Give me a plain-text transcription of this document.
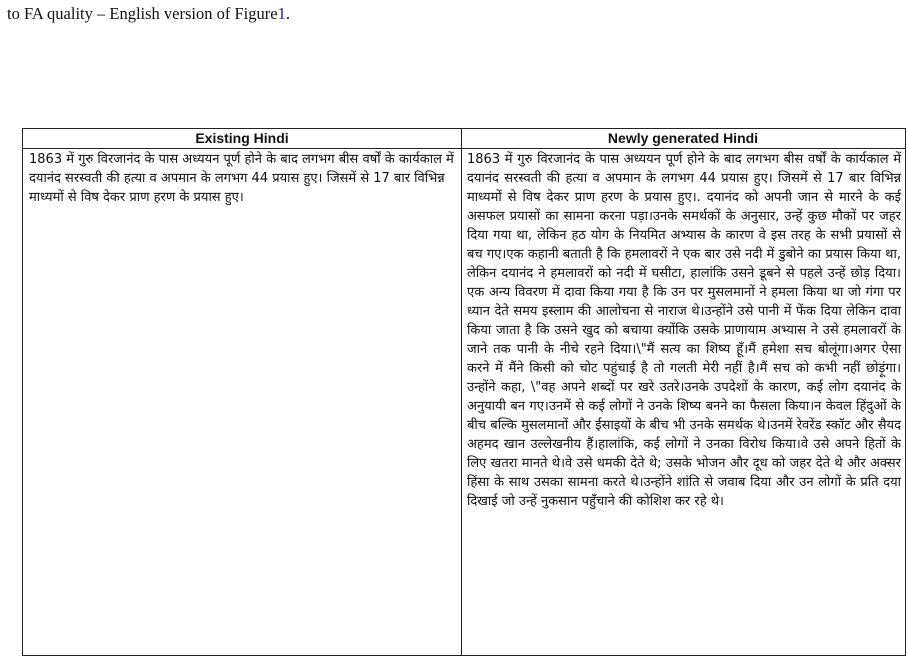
to FA quality – English version of Figure1.
Existing Hindi
1863 में गुरु विरजानंद के पास अध्ययन पूर्ण होने के बाद लगभग बीस वर्षों के कार्यकाल में दयानंद सरस्वती की हत्या व अपमान के लगभग 44 प्रयास हुए। जिसमें से 17 बार विभिन्न माध्यमों से विष देकर प्राण हरण के प्रयास हुए।
Newly generated Hindi
1863 में गुरु विरजानंद के पास अध्ययन पूर्ण होने के बाद लगभग बीस वर्षों के कार्यकाल में दयानंद सरस्वती की हत्या व अपमान के लगभग 44 प्रयास हुए। जिसमें से 17 बार विभिन्न माध्यमों से विष देकर प्राण हरण के प्रयास हुए।. दयानंद को अपनी जान से मारने के कई असफल प्रयासों का सामना करना पड़ा।उनके समर्थकों के अनुसार, उन्हें कुछ मौकों पर जहर दिया गया था, लेकिन हठ योग के नियमित अभ्यास के कारण वे इस तरह के सभी प्रयासों से बच गए।एक कहानी बताती है कि हमलावरों ने एक बार उसे नदी में डुबोने का प्रयास किया था, लेकिन दयानंद ने हमलावरों को नदी में घसीटा, हालांकि उसने डूबने से पहले उन्हें छोड़ दिया।एक अन्य विवरण में दावा किया गया है कि उन पर मुसलमानों ने हमला किया था जो गंगा पर ध्यान देते समय इस्लाम की आलोचना से नाराज थे।उन्होंने उसे पानी में फेंक दिया लेकिन दावा किया जाता है कि उसने खुद को बचाया क्योंकि उसके प्राणायाम अभ्यास ने उसे हमलावरों के जाने तक पानी के नीचे रहने दिया।\"मैं सत्य का शिष्य हूँ।मैं हमेशा सच बोलूंगा।अगर ऐसा करने में मैंने किसी को चोट पहुंचाई है तो गलती मेरी नहीं है।मैं सच को कभी नहीं छोड़ूंगा।उन्होंने कहा, \"वह अपने शब्दों पर खरे उतरे।उनके उपदेशों के कारण, कई लोग दयानंद के अनुयायी बन गए।उनमें से कई लोगों ने उनके शिष्य बनने का फैसला किया।न केवल हिंदुओं के बीच बल्कि मुसलमानों और ईसाइयों के बीच भी उनके समर्थक थे।उनमें रेवरेंड स्कॉट और सैयद अहमद खान उल्लेखनीय हैं।हालांकि, कई लोगों ने उनका विरोध किया।वे उसे अपने हितों के लिए खतरा मानते थे।वे उसे धमकी देते थे; उसके भोजन और दूध को जहर देते थे और अक्सर हिंसा के साथ उसका सामना करते थे।उन्होंने शांति से जवाब दिया और उन लोगों के प्रति दया दिखाई जो उन्हें नुकसान पहुँचाने की कोशिश कर रहे थे।
